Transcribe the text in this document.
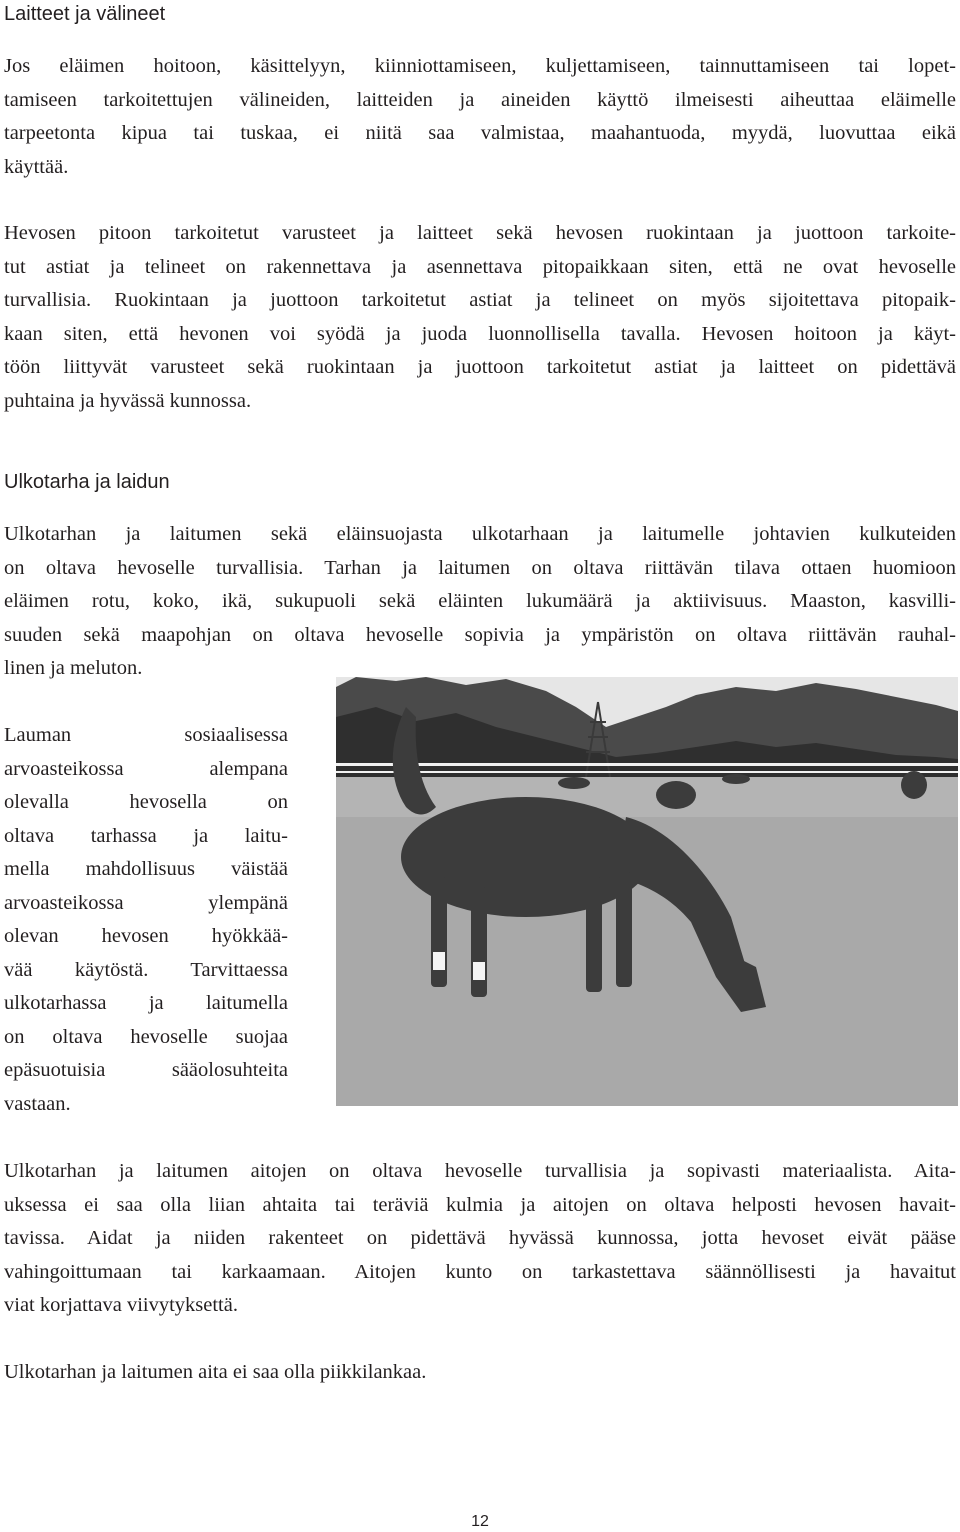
Laitteet ja välineet

Jos eläimen hoitoon, käsittelyyn, kiinniottamiseen, kuljettamiseen, tainnuttamiseen tai lopet-
tamiseen tarkoitettujen välineiden, laitteiden ja aineiden käyttö ilmeisesti aiheuttaa eläimelle
tarpeetonta kipua tai tuskaa, ei niitä saa valmistaa, maahantuoda, myydä, luovuttaa eikä
käyttää.

Hevosen pitoon tarkoitetut varusteet ja laitteet sekä hevosen ruokintaan ja juottoon tarkoite-
tut astiat ja telineet on rakennettava ja asennettava pitopaikkaan siten, että ne ovat hevoselle
turvallisia. Ruokintaan ja juottoon tarkoitetut astiat ja telineet on myös sijoitettava pitopaik-
kaan siten, että hevonen voi syödä ja juoda luonnollisella tavalla. Hevosen hoitoon ja käyt-
töön liittyvät varusteet sekä ruokintaan ja juottoon tarkoitetut astiat ja laitteet on pidettävä
puhtaina ja hyvässä kunnossa.

Ulkotarha ja laidun

Ulkotarhan ja laitumen sekä eläinsuojasta ulkotarhaan ja laitumelle johtavien kulkuteiden
on oltava hevoselle turvallisia. Tarhan ja laitumen on oltava riittävän tilava ottaen huomioon
eläimen rotu, koko, ikä, sukupuoli sekä eläinten lukumäärä ja aktiivisuus. Maaston, kasvilli-
suuden sekä maapohjan on oltava hevoselle sopivia ja ympäristön on oltava riittävän rauhal-
linen ja meluton.

Lauman sosiaalisessa
arvoasteikossa alempana
olevalla hevosella on
oltava tarhassa ja laitu-
mella mahdollisuus väistää
arvoasteikossa ylempänä
olevan hevosen hyökkää-
vää käytöstä. Tarvittaessa
ulkotarhassa ja laitumella
on oltava hevoselle suojaa
epäsuotuisia sääolosuhteita
vastaan.

Ulkotarhan ja laitumen aitojen on oltava hevoselle turvallisia ja sopivasti materiaalista. Aita-
uksessa ei saa olla liian ahtaita tai teräviä kulmia ja aitojen on oltava helposti hevosen havait-
tavissa. Aidat ja niiden rakenteet on pidettävä hyvässä kunnossa, jotta hevoset eivät pääse
vahingoittumaan tai karkaamaan. Aitojen kunto on tarkastettava säännöllisesti ja havaitut
viat korjattava viivytyksettä.

Ulkotarhan ja laitumen aita ei saa olla piikkilankaa.

12
